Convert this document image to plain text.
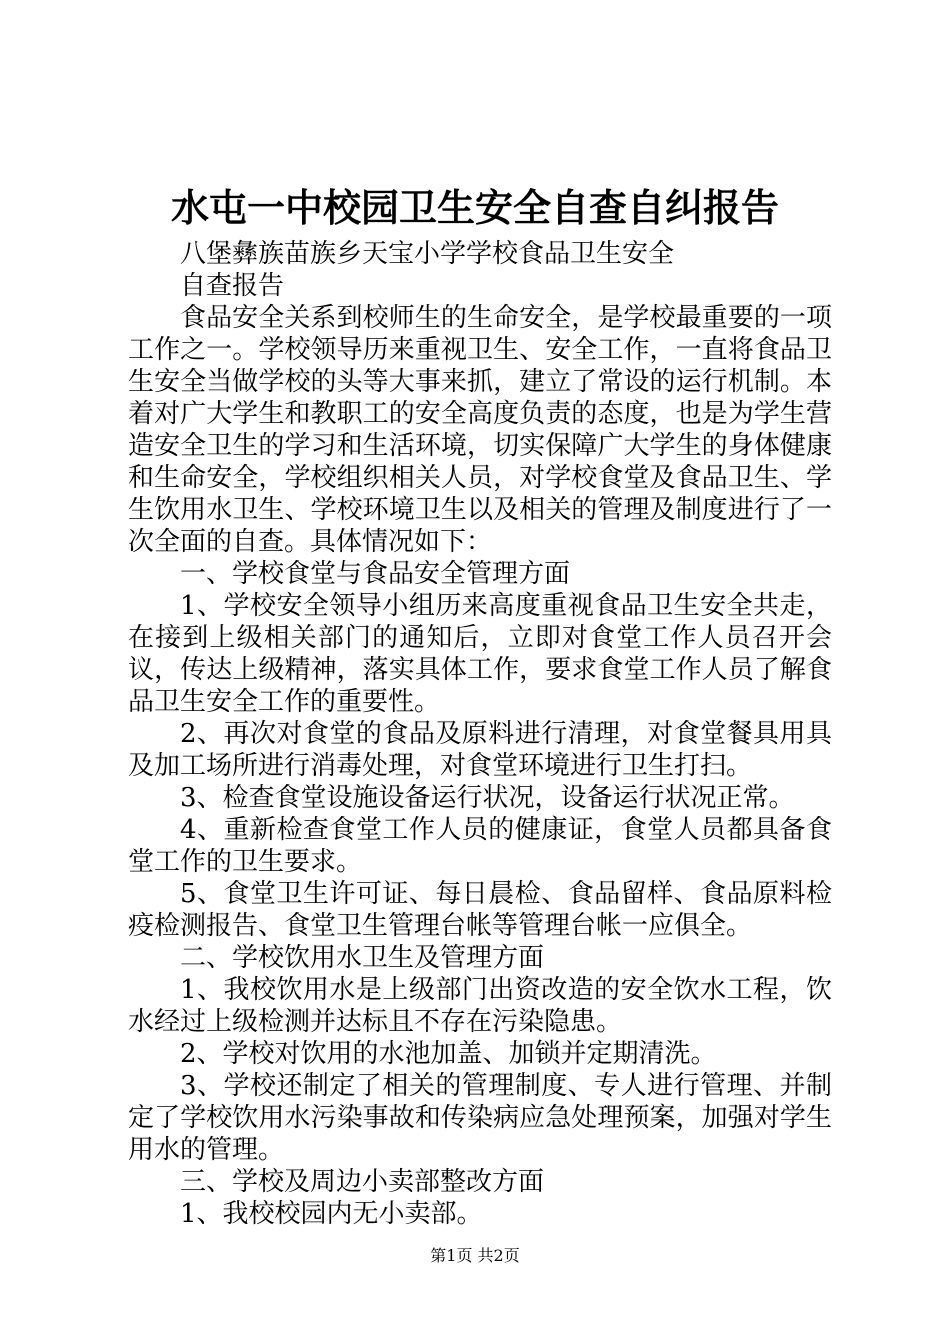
水屯一中校园卫生安全自查自纠报告

八堡彝族苗族乡天宝小学学校食品卫生安全

自查报告

食品安全关系到校师生的生命安全，是学校最重要的一项工作之一。学校领导历来重视卫生、安全工作，一直将食品卫生安全当做学校的头等大事来抓，建立了常设的运行机制。本着对广大学生和教职工的安全高度负责的态度，也是为学生营造安全卫生的学习和生活环境，切实保障广大学生的身体健康和生命安全，学校组织相关人员，对学校食堂及食品卫生、学生饮用水卫生、学校环境卫生以及相关的管理及制度进行了一次全面的自查。具体情况如下：

一、学校食堂与食品安全管理方面

1、学校安全领导小组历来高度重视食品卫生安全共走，在接到上级相关部门的通知后，立即对食堂工作人员召开会议，传达上级精神，落实具体工作，要求食堂工作人员了解食品卫生安全工作的重要性。

2、再次对食堂的食品及原料进行清理，对食堂餐具用具及加工场所进行消毒处理，对食堂环境进行卫生打扫。

3、检查食堂设施设备运行状况，设备运行状况正常。

4、重新检查食堂工作人员的健康证，食堂人员都具备食堂工作的卫生要求。

5、食堂卫生许可证、每日晨检、食品留样、食品原料检疫检测报告、食堂卫生管理台帐等管理台帐一应俱全。

二、学校饮用水卫生及管理方面

1、我校饮用水是上级部门出资改造的安全饮水工程，饮水经过上级检测并达标且不存在污染隐患。

2、学校对饮用的水池加盖、加锁并定期清洗。

3、学校还制定了相关的管理制度、专人进行管理、并制定了学校饮用水污染事故和传染病应急处理预案，加强对学生用水的管理。

三、学校及周边小卖部整改方面

1、我校校园内无小卖部。

第1页 共2页
